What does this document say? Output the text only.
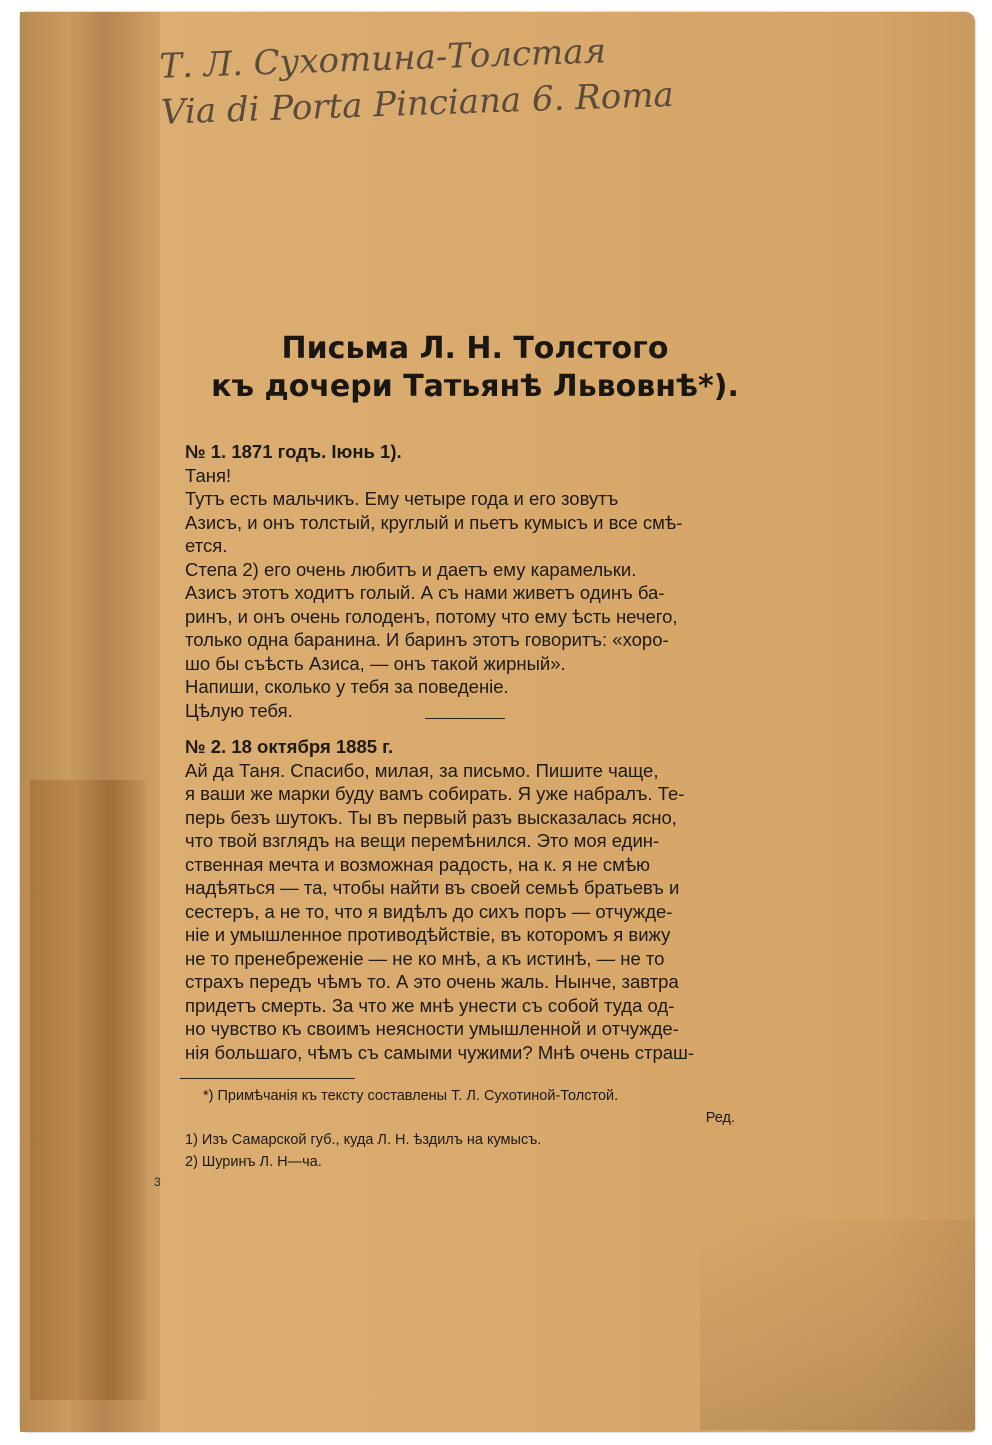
Т. Л. Сухотина-Толстая
Via di Porta Pinciana 6. Roma
Письма Л. Н. Толстого
къ дочери Татьянѣ Львовнѣ*).
№ 1. 1871 годъ. Іюнь 1).
Таня!
Тутъ есть мальчикъ. Ему четыре года и его зовутъ
Азисъ, и онъ толстый, круглый и пьетъ кумысъ и все смѣ-
ется.
Степа 2) его очень любитъ и даетъ ему карамельки.
Азисъ этотъ ходитъ голый. А съ нами живетъ одинъ ба-
ринъ, и онъ очень голоденъ, потому что ему ѣсть нечего,
только одна баранина. И баринъ этотъ говоритъ: «хоро-
шо бы съѣсть Азиса, — онъ такой жирный».
Напиши, сколько у тебя за поведеніе.
Цѣлую тебя.
№ 2. 18 октября 1885 г.
Ай да Таня. Спасибо, милая, за письмо. Пишите чаще,
я ваши же марки буду вамъ собирать. Я уже набралъ. Те-
перь безъ шутокъ. Ты въ первый разъ высказалась ясно,
что твой взглядъ на вещи перемѣнился. Это моя един-
ственная мечта и возможная радость, на к. я не смѣю
надѣяться — та, чтобы найти въ своей семьѣ братьевъ и
сестеръ, а не то, что я видѣлъ до сихъ поръ — отчужде-
ніе и умышленное противодѣйствіе, въ которомъ я вижу
не то пренебреженіе — не ко мнѣ, а къ истинѣ, — не то
страхъ передъ чѣмъ то. А это очень жаль. Нынче, завтра
придетъ смерть. За что же мнѣ унести съ собой туда од-
но чувство къ своимъ неясности умышленной и отчужде-
нія большаго, чѣмъ съ самыми чужими? Мнѣ очень страш-
*) Примѣчанія къ тексту составлены Т. Л. Сухотиной-Толстой.
Ред.
1) Изъ Самарской губ., куда Л. Н. ѣздилъ на кумысъ.
2) Шуринъ Л. Н—ча.
3
